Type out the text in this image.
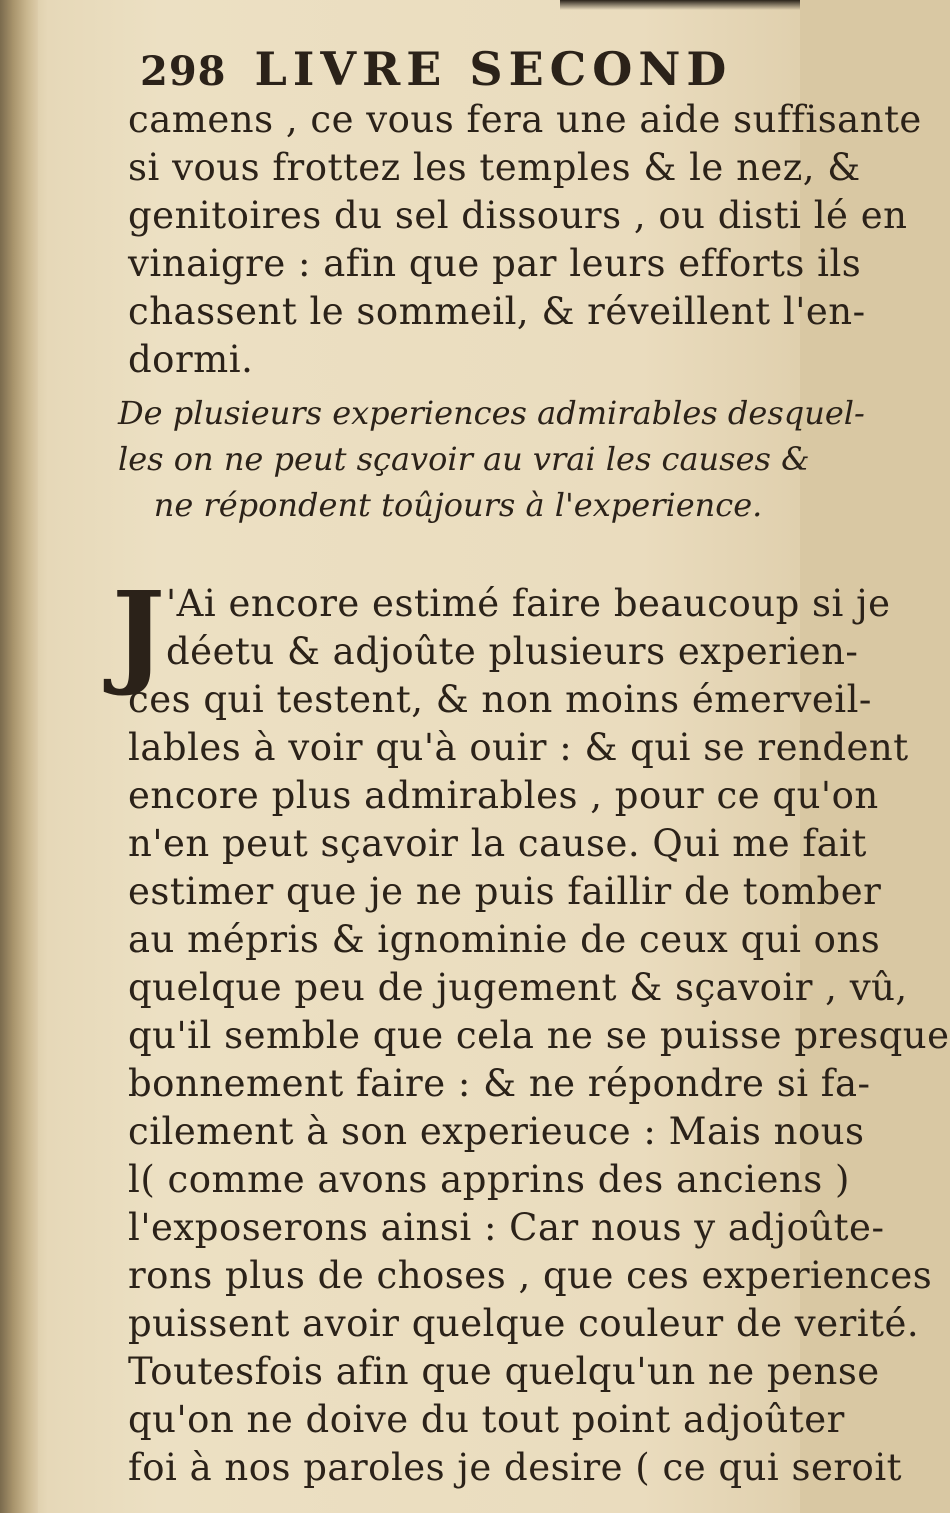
298 LIVRE SECOND
camens , ce vous fera une aide suffisante
si vous frottez les temples & le nez, &
genitoires du sel dissours , ou disti lé en
vinaigre : afin que par leurs efforts ils
chassent le sommeil, & réveillent l'en-
dormi.
De plusieurs experiences admirables desquel-
les on ne peut sçavoir au vrai les causes &
ne répondent toûjours à l'experience.
J 'Ai encore estimé faire beaucoup si je
déetu & adjoûte plusieurs experien-
ces qui testent, & non moins émerveil-
lables à voir qu'à ouir : & qui se rendent
encore plus admirables , pour ce qu'on
n'en peut sçavoir la cause. Qui me fait
estimer que je ne puis faillir de tomber
au mépris & ignominie de ceux qui ons
quelque peu de jugement & sçavoir , vû,
qu'il semble que cela ne se puisse presque
bonnement faire : & ne répondre si fa-
cilement à son experieuce : Mais nous
l( comme avons apprins des anciens )
l'exposerons ainsi : Car nous y adjoûte-
rons plus de choses , que ces experiences
puissent avoir quelque couleur de verité.
Toutesfois afin que quelqu'un ne pense
qu'on ne doive du tout point adjoûter
foi à nos paroles je desire ( ce qui seroit
